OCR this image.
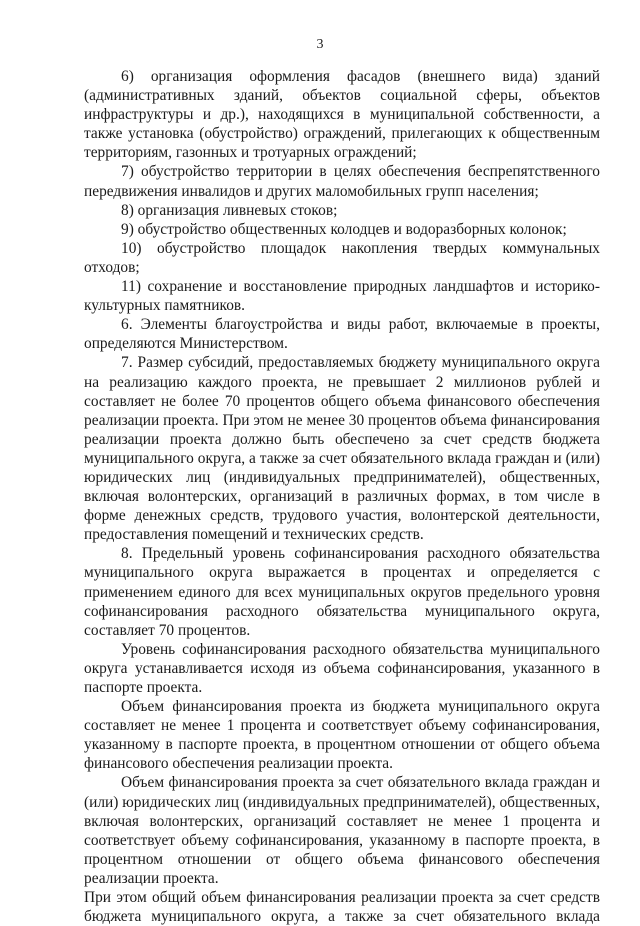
3

6) организация оформления фасадов (внешнего вида) зданий (административных зданий, объектов социальной сферы, объектов инфраструктуры и др.), находящихся в муниципальной собственности, а также установка (обустройство) ограждений, прилегающих к общественным территориям, газонных и тротуарных ограждений;

7) обустройство территории в целях обеспечения беспрепятственного передвижения инвалидов и других маломобильных групп населения;

8) организация ливневых стоков;

9) обустройство общественных колодцев и водоразборных колонок;

10) обустройство площадок накопления твердых коммунальных отходов;

11) сохранение и восстановление природных ландшафтов и историко-культурных памятников.

6. Элементы благоустройства и виды работ, включаемые в проекты, определяются Министерством.

7. Размер субсидий, предоставляемых бюджету муниципального округа на реализацию каждого проекта, не превышает 2 миллионов рублей и составляет не более 70 процентов общего объема финансового обеспечения реализации проекта. При этом не менее 30 процентов объема финансирования реализации проекта должно быть обеспечено за счет средств бюджета муниципального округа, а также за счет обязательного вклада граждан и (или) юридических лиц (индивидуальных предпринимателей), общественных, включая волонтерских, организаций в различных формах, в том числе в форме денежных средств, трудового участия, волонтерской деятельности, предоставления помещений и технических средств.

8. Предельный уровень софинансирования расходного обязательства муниципального округа выражается в процентах и определяется с применением единого для всех муниципальных округов предельного уровня софинансирования расходного обязательства муниципального округа, составляет 70 процентов.

Уровень софинансирования расходного обязательства муниципального округа устанавливается исходя из объема софинансирования, указанного в паспорте проекта.

Объем финансирования проекта из бюджета муниципального округа составляет не менее 1 процента и соответствует объему софинансирования, указанному в паспорте проекта, в процентном отношении от общего объема финансового обеспечения реализации проекта.

Объем финансирования проекта за счет обязательного вклада граждан и (или) юридических лиц (индивидуальных предпринимателей), общественных, включая волонтерских, организаций составляет не менее 1 процента и соответствует объему софинансирования, указанному в паспорте проекта, в процентном отношении от общего объема финансового обеспечения реализации проекта.

При этом общий объем финансирования реализации проекта за счет средств бюджета муниципального округа, а также за счет обязательного вклада
